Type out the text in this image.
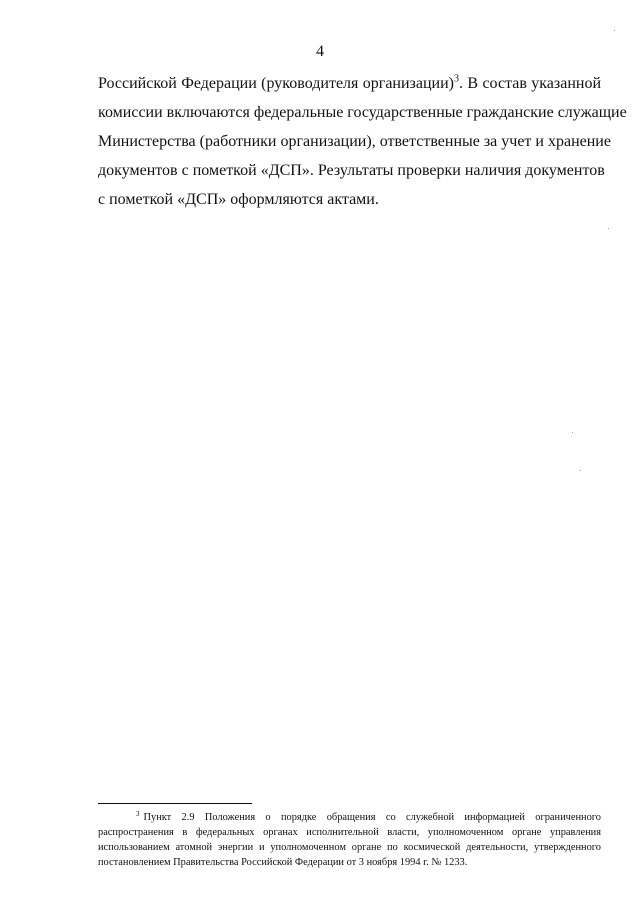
4
Российской Федерации (руководителя организации)$^3$. В состав указанной
комиссии включаются федеральные государственные гражданские служащие
Министерства (работники организации), ответственные за учет и хранение
документов с пометкой «ДСП». Результаты проверки наличия документов
с пометкой «ДСП» оформляются актами.
$^3$ Пункт 2.9 Положения о порядке обращения со служебной информацией ограниченного
распространения в федеральных органах исполнительной власти, уполномоченном органе управления
использованием атомной энергии и уполномоченном органе по космической деятельности, утвержденного
постановлением Правительства Российской Федерации от 3 ноября 1994 г. № 1233.
